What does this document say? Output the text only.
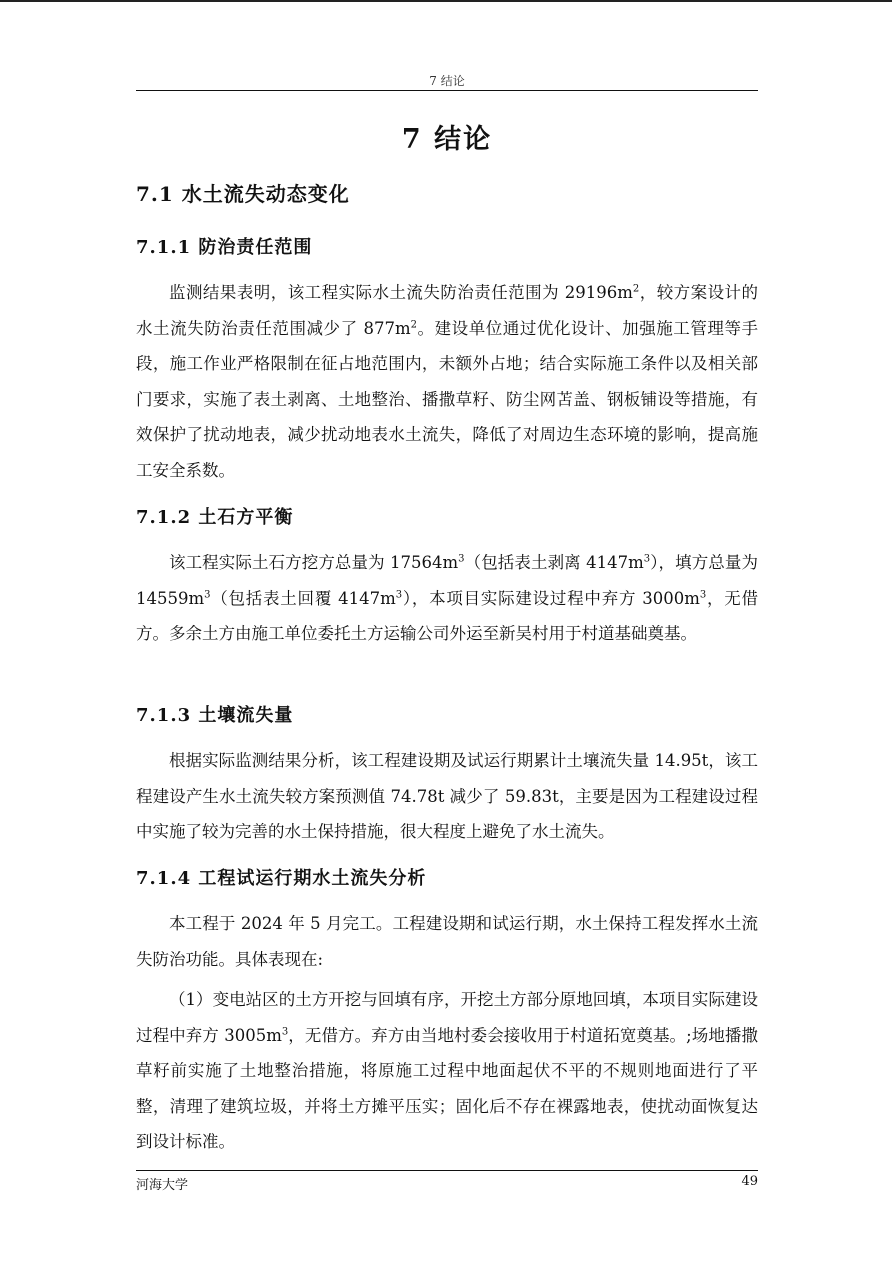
7 结论
7 结论
7.1 水土流失动态变化
7.1.1 防治责任范围

监测结果表明，该工程实际水土流失防治责任范围为 $29196m^2$，较方案设计的水土流失防治责任范围减少了 $877m^2$。建设单位通过优化设计、加强施工管理等手段，施工作业严格限制在征占地范围内，未额外占地；结合实际施工条件以及相关部门要求，实施了表土剥离、土地整治、播撒草籽、防尘网苫盖、钢板铺设等措施，有效保护了扰动地表，减少扰动地表水土流失，降低了对周边生态环境的影响，提高施工安全系数。

7.1.2 土石方平衡

该工程实际土石方挖方总量为 $17564m^3$（包括表土剥离 $4147m^3$），填方总量为 $14559m^3$（包括表土回覆 $4147m^3$），本项目实际建设过程中弃方 $3000m^3$，无借方。多余土方由施工单位委托土方运输公司外运至新吴村用于村道基础奠基。

7.1.3 土壤流失量

根据实际监测结果分析，该工程建设期及试运行期累计土壤流失量 14.95t，该工程建设产生水土流失较方案预测值 74.78t 减少了 59.83t，主要是因为工程建设过程中实施了较为完善的水土保持措施，很大程度上避免了水土流失。

7.1.4 工程试运行期水土流失分析

本工程于 2024 年 5 月完工。工程建设期和试运行期，水土保持工程发挥水土流失防治功能。具体表现在:

（1）变电站区的土方开挖与回填有序，开挖土方部分原地回填，本项目实际建设过程中弃方 $3005m^3$，无借方。弃方由当地村委会接收用于村道拓宽奠基。;场地播撒草籽前实施了土地整治措施，将原施工过程中地面起伏不平的不规则地面进行了平整，清理了建筑垃圾，并将土方摊平压实；固化后不存在裸露地表，使扰动面恢复达到设计标准。

河海大学	49
